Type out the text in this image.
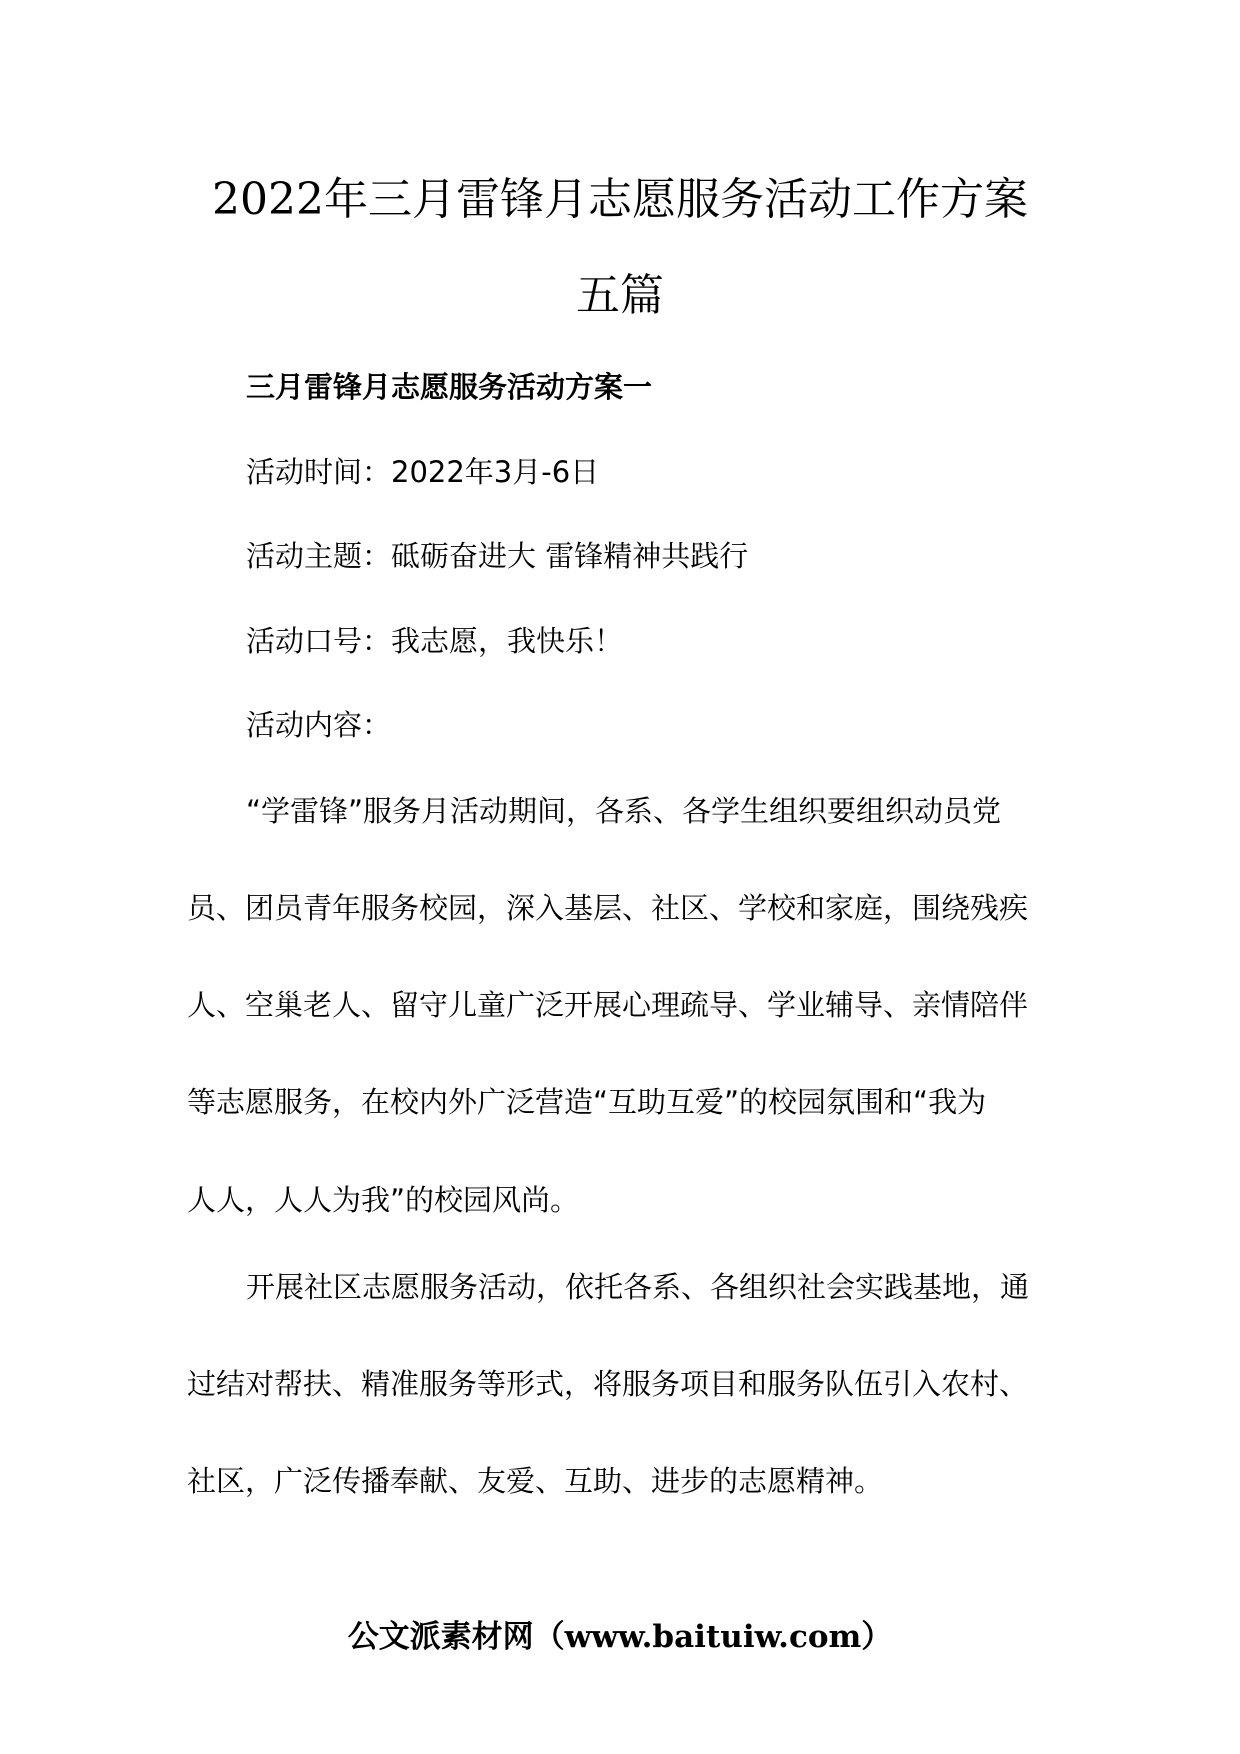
2022年三月雷锋月志愿服务活动工作方案
五篇

三月雷锋月志愿服务活动方案一

活动时间：2022年3月-6日

活动主题：砥砺奋进大 雷锋精神共践行

活动口号：我志愿，我快乐！

活动内容：

“学雷锋”服务月活动期间，各系、各学生组织要组织动员党

员、团员青年服务校园，深入基层、社区、学校和家庭，围绕残疾

人、空巢老人、留守儿童广泛开展心理疏导、学业辅导、亲情陪伴

等志愿服务，在校内外广泛营造“互助互爱”的校园氛围和“我为

人人，人人为我”的校园风尚。

开展社区志愿服务活动，依托各系、各组织社会实践基地，通

过结对帮扶、精准服务等形式，将服务项目和服务队伍引入农村、

社区，广泛传播奉献、友爱、互助、进步的志愿精神。

公文派素材网（www.baituiw.com）
